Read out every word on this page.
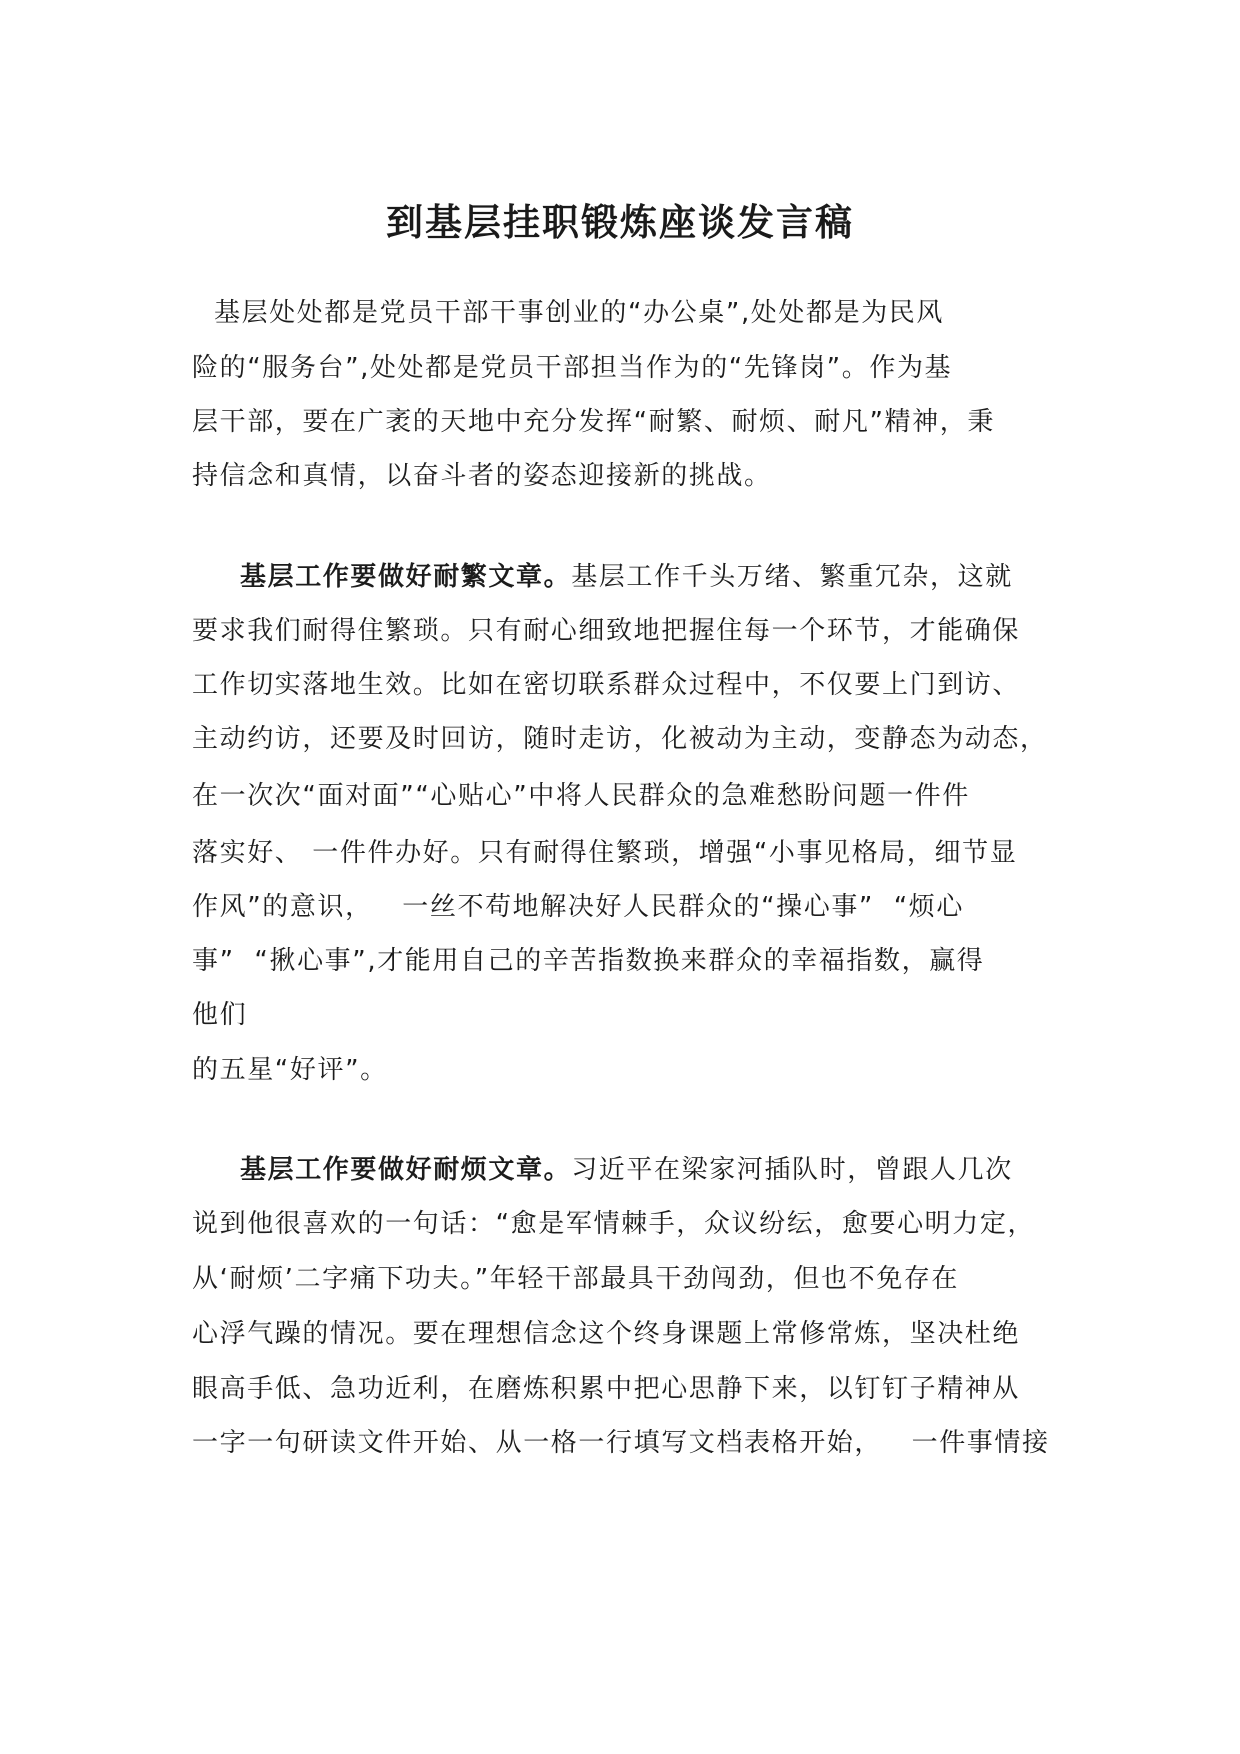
到基层挂职锻炼座谈发言稿
基层处处都是党员干部干事创业的“办公桌”,处处都是为民风
险的“服务台”,处处都是党员干部担当作为的“先锋岗”。作为基
层干部，要在广袤的天地中充分发挥“耐繁、耐烦、耐凡”精神，秉
持信念和真情，以奋斗者的姿态迎接新的挑战。
基层工作要做好耐繁文章。基层工作千头万绪、繁重冗杂，这就
要求我们耐得住繁琐。只有耐心细致地把握住每一个环节，才能确保
工作切实落地生效。比如在密切联系群众过程中，不仅要上门到访、
主动约访，还要及时回访，随时走访，化被动为主动，变静态为动态，
在一次次“面对面”“心贴心”中将人民群众的急难愁盼问题一件件
落实好、 一件件办好。只有耐得住繁琐，增强“小事见格局，细节显
作风”的意识，   一丝不苟地解决好人民群众的“操心事”  “烦心
事”  “揪心事”,才能用自己的辛苦指数换来群众的幸福指数，赢得
他们
的五星“好评”。
基层工作要做好耐烦文章。习近平在梁家河插队时，曾跟人几次
说到他很喜欢的一句话：“愈是军情棘手，众议纷纭，愈要心明力定，
从‘耐烦’二字痛下功夫。”年轻干部最具干劲闯劲，但也不免存在
心浮气躁的情况。要在理想信念这个终身课题上常修常炼，坚决杜绝
眼高手低、急功近利，在磨炼积累中把心思静下来，以钉钉子精神从
一字一句研读文件开始、从一格一行填写文档表格开始，   一件事情接
